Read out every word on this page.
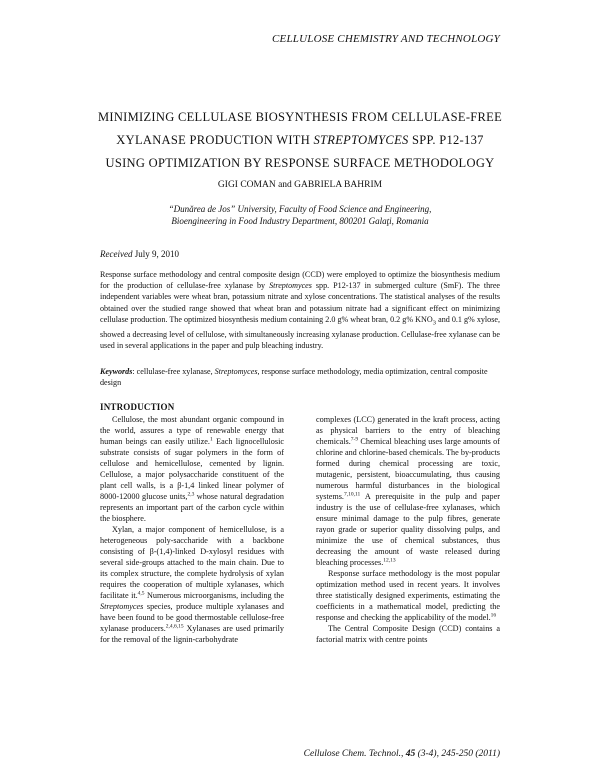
CELLULOSE CHEMISTRY AND TECHNOLOGY
MINIMIZING CELLULASE BIOSYNTHESIS FROM CELLULASE-FREE
XYLANASE PRODUCTION WITH STREPTOMYCES SPP. P12-137
USING OPTIMIZATION BY RESPONSE SURFACE METHODOLOGY
GIGI COMAN and GABRIELA BAHRIM
“Dunărea de Jos” University, Faculty of Food Science and Engineering,
Bioengineering in Food Industry Department, 800201 Galaţi, Romania
Received July 9, 2010
Response surface methodology and central composite design (CCD) were employed to optimize the biosynthesis medium for the production of cellulase-free xylanase by Streptomyces spp. P12-137 in submerged culture (SmF). The three independent variables were wheat bran, potassium nitrate and xylose concentrations. The statistical analyses of the results obtained over the studied range showed that wheat bran and potassium nitrate had a significant effect on minimizing cellulase production. The optimized biosynthesis medium containing 2.0 g% wheat bran, 0.2 g% $KNO_3$ and 0.1 g% xylose, showed a decreasing level of cellulose, with simultaneously increasing xylanase production. Cellulase-free xylanase can be used in several applications in the paper and pulp bleaching industry.
Keywords: cellulase-free xylanase, Streptomyces, response surface methodology, media optimization, central composite design
INTRODUCTION

Cellulose, the most abundant organic compound in the world, assures a type of renewable energy that human beings can easily utilize.$^1$ Each lignocellulosic substrate consists of sugar polymers in the form of cellulose and hemicellulose, cemented by lignin. Cellulose, a major polysaccharide constituent of the plant cell walls, is a β-1,4 linked linear polymer of 8000-12000 glucose units,$^{2,3}$ whose natural degradation represents an important part of the carbon cycle within the biosphere.

Xylan, a major component of hemicellulose, is a heterogeneous poly-saccharide with a backbone consisting of β-(1,4)-linked D-xylosyl residues with several side-groups attached to the main chain. Due to its complex structure, the complete hydrolysis of xylan requires the cooperation of multiple xylanases, which facilitate it.$^{4,5}$ Numerous microorganisms, including the Streptomyces species, produce multiple xylanases and have been found to be good thermostable cellulose-free xylanase producers.$^{2,4,6,15}$ Xylanases are used primarily for the removal of the lignin-carbohydrate

complexes (LCC) generated in the kraft process, acting as physical barriers to the entry of bleaching chemicals.$^{7-9}$ Chemical bleaching uses large amounts of chlorine and chlorine-based chemicals. The by-products formed during chemical processing are toxic, mutagenic, persistent, bioaccumulating, thus causing numerous harmful disturbances in the biological systems.$^{7,10,11}$ A prerequisite in the pulp and paper industry is the use of cellulase-free xylanases, which ensure minimal damage to the pulp fibres, generate rayon grade or superior quality dissolving pulps, and minimize the use of chemical substances, thus decreasing the amount of waste released during bleaching processes.$^{12,13}$

Response surface methodology is the most popular optimization method used in recent years. It involves three statistically designed experiments, estimating the coefficients in a mathematical model, predicting the response and checking the applicability of the model.$^{16}$

The Central Composite Design (CCD) contains a factorial matrix with centre points

Cellulose Chem. Technol., 45 (3-4), 245-250 (2011)
